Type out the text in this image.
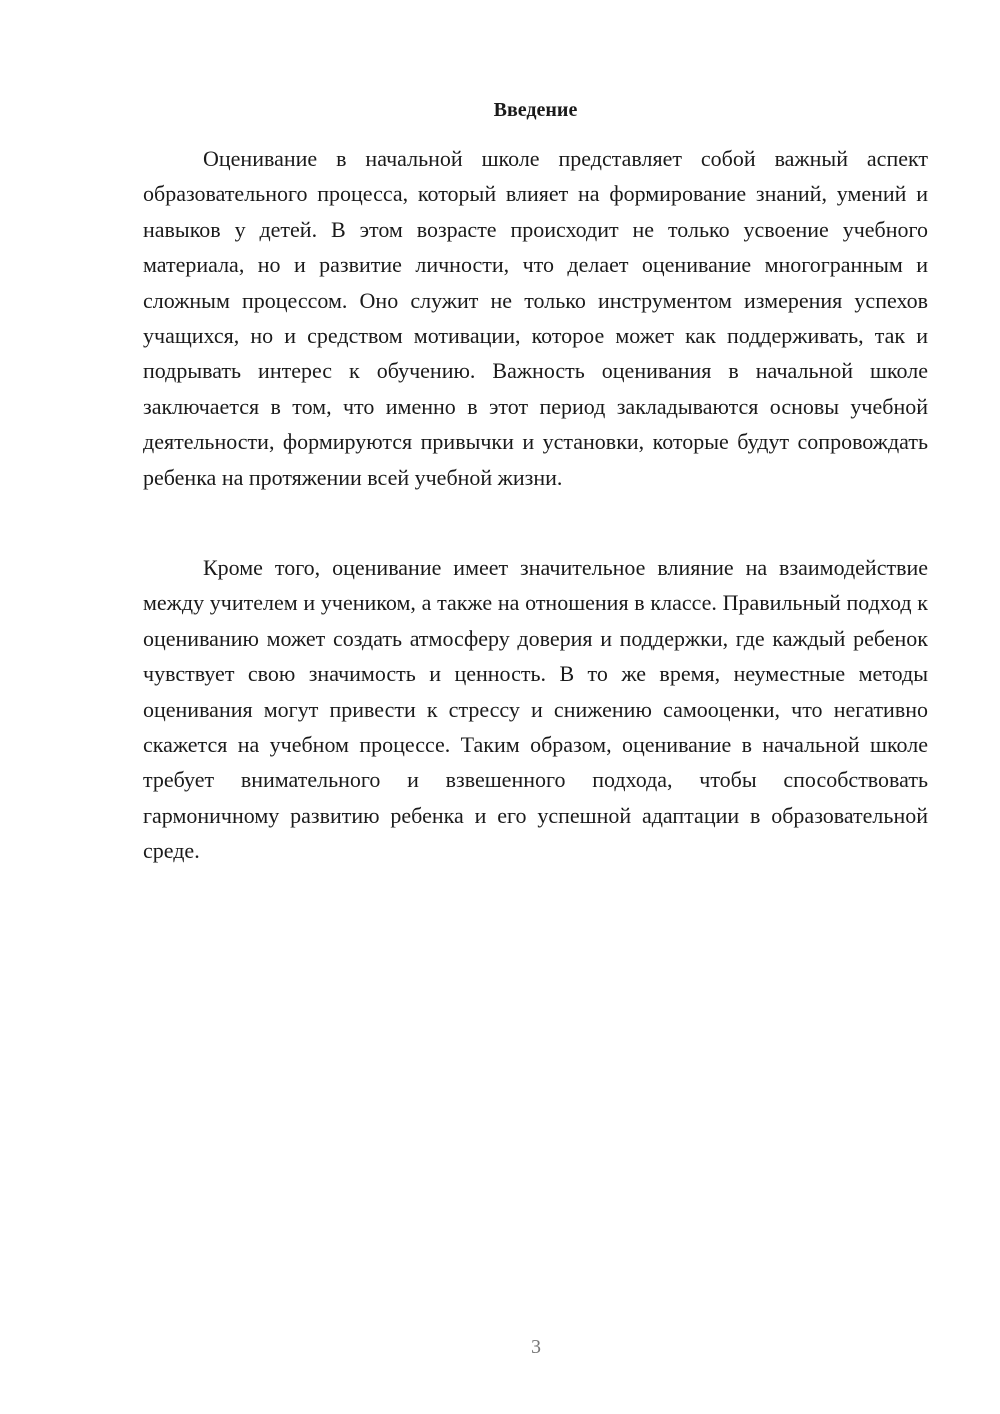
Введение

Оценивание в начальной школе представляет собой важный аспект образовательного процесса, который влияет на формирование знаний, умений и навыков у детей. В этом возрасте происходит не только усвоение учебного материала, но и развитие личности, что делает оценивание многогранным и сложным процессом. Оно служит не только инструментом измерения успехов учащихся, но и средством мотивации, которое может как поддерживать, так и подрывать интерес к обучению. Важность оценивания в начальной школе заключается в том, что именно в этот период закладываются основы учебной деятельности, формируются привычки и установки, которые будут сопровождать ребенка на протяжении всей учебной жизни.

Кроме того, оценивание имеет значительное влияние на взаимодействие между учителем и учеником, а также на отношения в классе. Правильный подход к оцениванию может создать атмосферу доверия и поддержки, где каждый ребенок чувствует свою значимость и ценность. В то же время, неуместные методы оценивания могут привести к стрессу и снижению самооценки, что негативно скажется на учебном процессе. Таким образом, оценивание в начальной школе требует внимательного и взвешенного подхода, чтобы способствовать гармоничному развитию ребенка и его успешной адаптации в образовательной среде.

3
